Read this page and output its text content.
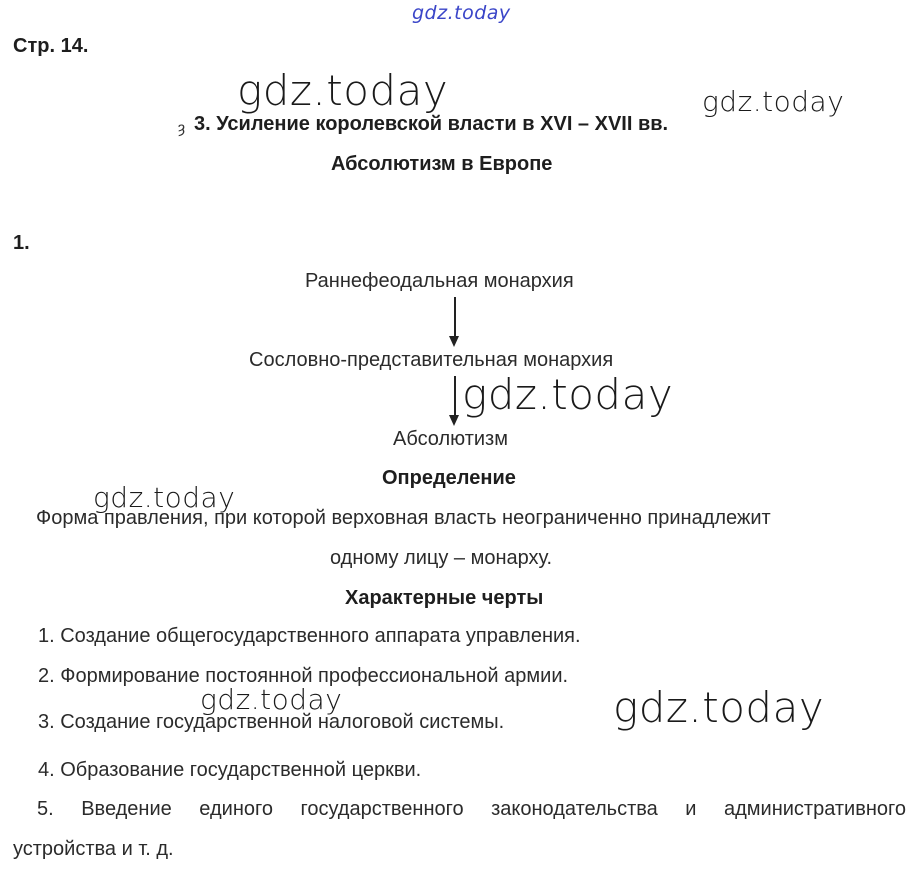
gdz.today
Стр. 14.
gdz.today	gdz.today
ȝ 3. Усиление королевской власти в XVI – XVII вв.
Абсолютизм в Европе
1.
Раннефеодальная монархия
Сословно-представительная монархия
gdz.today
Абсолютизм
Определение
gdz.today
Форма правления, при которой верховная власть неограниченно принадлежит
одному лицу – монарху.
Характерные черты
1. Создание общегосударственного аппарата управления.
2. Формирование постоянной профессиональной армии.
gdz.today
3. Создание государственной налоговой системы.	gdz.today
4. Образование государственной церкви.
5. Введение единого государственного законодательства и административного
устройства и т. д.
